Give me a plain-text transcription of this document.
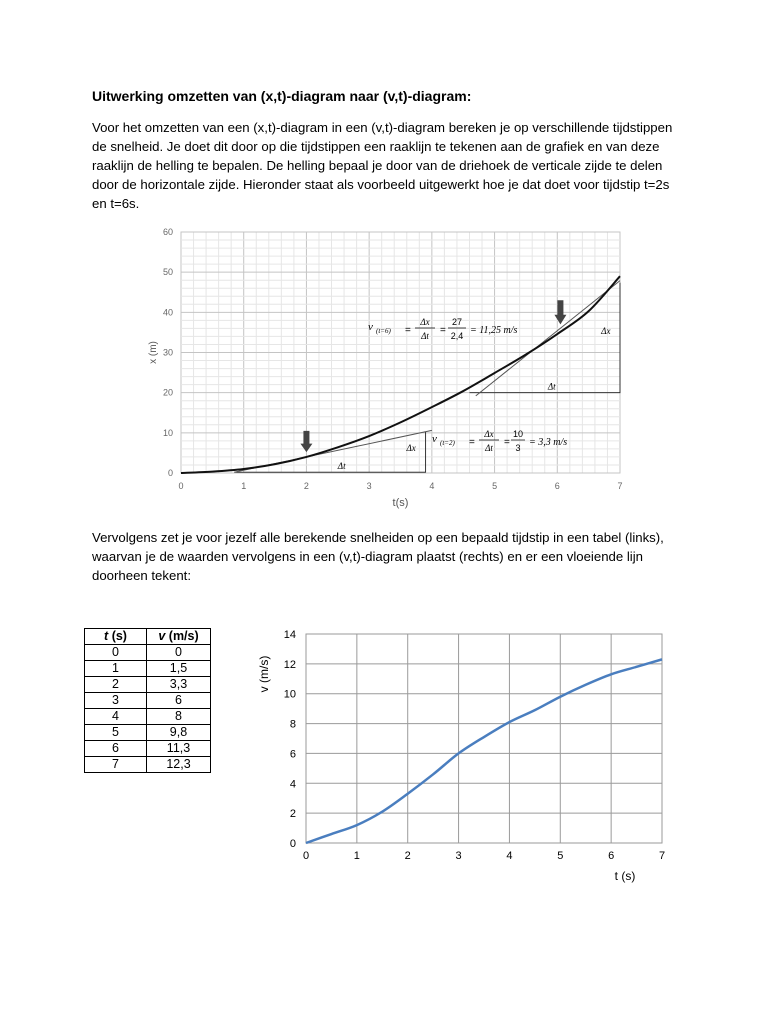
Uitwerking omzetten van (x,t)-diagram naar (v,t)-diagram:
Voor het omzetten van een (x,t)-diagram in een (v,t)-diagram bereken je op verschillende tijdstippen
de snelheid. Je doet dit door op die tijdstippen een raaklijn te tekenen aan de grafiek en van deze
raaklijn de helling te bepalen. De helling bepaal je door van de driehoek de verticale zijde te delen
door de horizontale zijde. Hieronder staat als voorbeeld uitgewerkt hoe je dat doet voor tijdstip t=2s
en t=6s.
0	1	2	3	4	5	6	7
0
10
20
30
40
50
60
t(s)
x (m)
Δt
Δx
Δt
Δx
v (t=6) =
Δx
Δt =
27
2,4 = 11,25 m/s
v (t=2) =
Δx
Δt =
10
3 = 3,3 m/s
Vervolgens zet je voor jezelf alle berekende snelheiden op een bepaald tijdstip in een tabel (links),
waarvan je de waarden vervolgens in een (v,t)-diagram plaatst (rechts) en er een vloeiende lijn
doorheen tekent:
t (s)	v (m/s)
0	0
1	1,5
2	3,3
3	6
4	8
5	9,8
6	11,3
7	12,3
0	1	2	3	4	5	6	7
0
2
4
6
8
10
12
14
t (s)
v (m/s)
